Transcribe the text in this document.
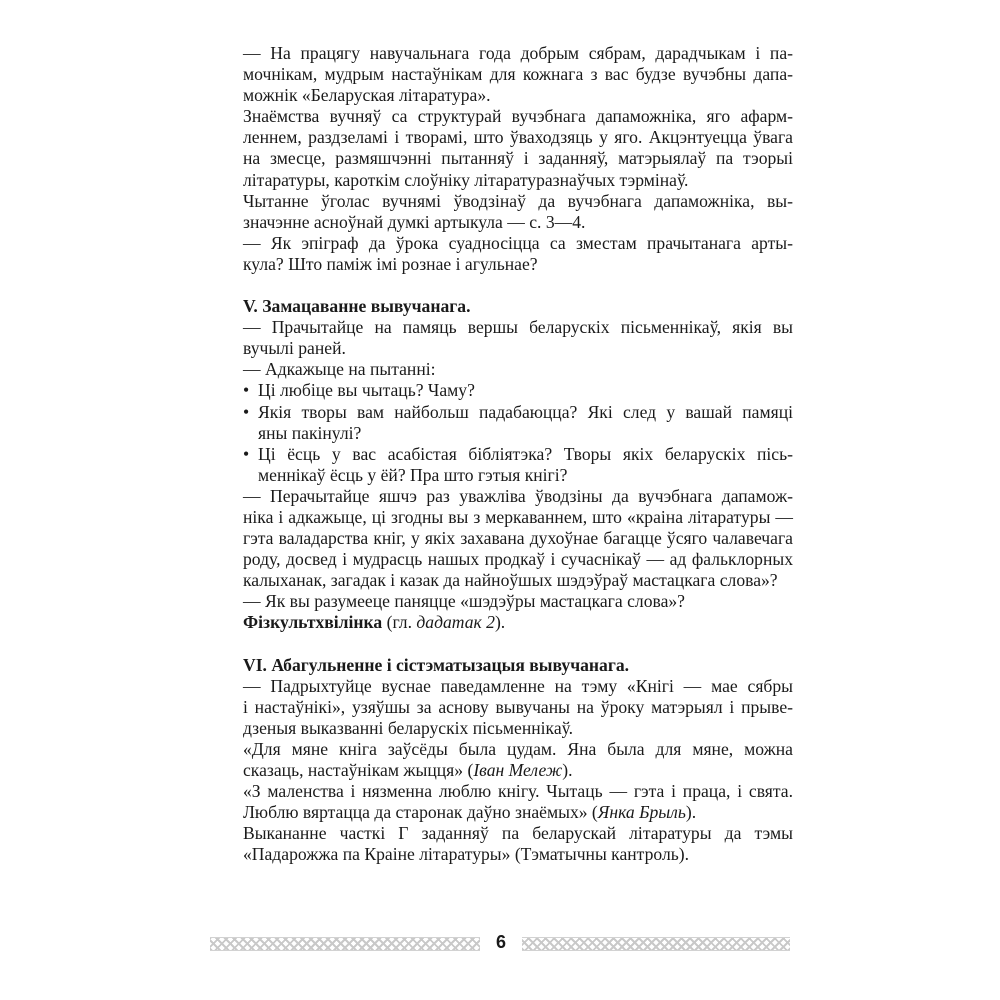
— На працягу навучальнага года добрым сябрам, дарадчыкам і па-
мочнікам, мудрым настаўнікам для кожнага з вас будзе вучэбны дапа-
можнік «Беларуская літаратура».
Знаёмства вучняў са структурай вучэбнага дапаможніка, яго афарм-
леннем, раздзеламі і творамі, што ўваходзяць у яго. Акцэнтуецца ўвага
на змесце, размяшчэнні пытанняў і заданняў, матэрыялаў па тэорыі
літаратуры, кароткім слоўніку літаратуразнаўчых тэрмінаў.
Чытанне ўголас вучнямі ўводзінаў да вучэбнага дапаможніка, вы-
значэнне асноўнай думкі артыкула — с. 3—4.
— Як эпіграф да ўрока суадносіцца са зместам прачытанага арты-
кула? Што паміж імі рознае і агульнае?
V. Замацаванне вывучанага.
— Прачытайце на памяць вершы беларускіх пісьменнікаў, якія вы
вучылі раней.
— Адкажыце на пытанні:
• Ці любіце вы чытаць? Чаму?
• Якія творы вам найбольш падабаюцца? Які след у вашай памяці
яны пакінулі?
• Ці ёсць у вас асабістая бібліятэка? Творы якіх беларускіх пісь-
меннікаў ёсць у ёй? Пра што гэтыя кнігі?
— Перачытайце яшчэ раз уважліва ўводзіны да вучэбнага дапамож-
ніка і адкажыце, ці згодны вы з меркаваннем, што «краіна літаратуры —
гэта валадарства кніг, у якіх захавана духоўнае багацце ўсяго чалавечага
роду, досвед і мудрасць нашых продкаў і сучаснікаў — ад фальклорных
калыханак, загадак і казак да найноўшых шэдэўраў мастацкага слова»?
— Як вы разумееце паняцце «шэдэўры мастацкага слова»?
Фізкультхвілінка (гл. дадатак 2).
VI. Абагульненне і сістэматызацыя вывучанага.
— Падрыхтуйце вуснае паведамленне на тэму «Кнігі — мае сябры
і настаўнікі», узяўшы за аснову вывучаны на ўроку матэрыял і прыве-
дзеныя выказванні беларускіх пісьменнікаў.
«Для мяне кніга заўсёды была цудам. Яна была для мяне, можна
сказаць, настаўнікам жыцця» (Іван Мележ).
«З маленства і нязменна люблю кнігу. Чытаць — гэта і праца, і свята.
Люблю вяртацца да старонак даўно знаёмых» (Янка Брыль).
Выкананне часткі Г заданняў па беларускай літаратуры да тэмы
«Падарожжа па Краіне літаратуры» (Тэматычны кантроль).
6
